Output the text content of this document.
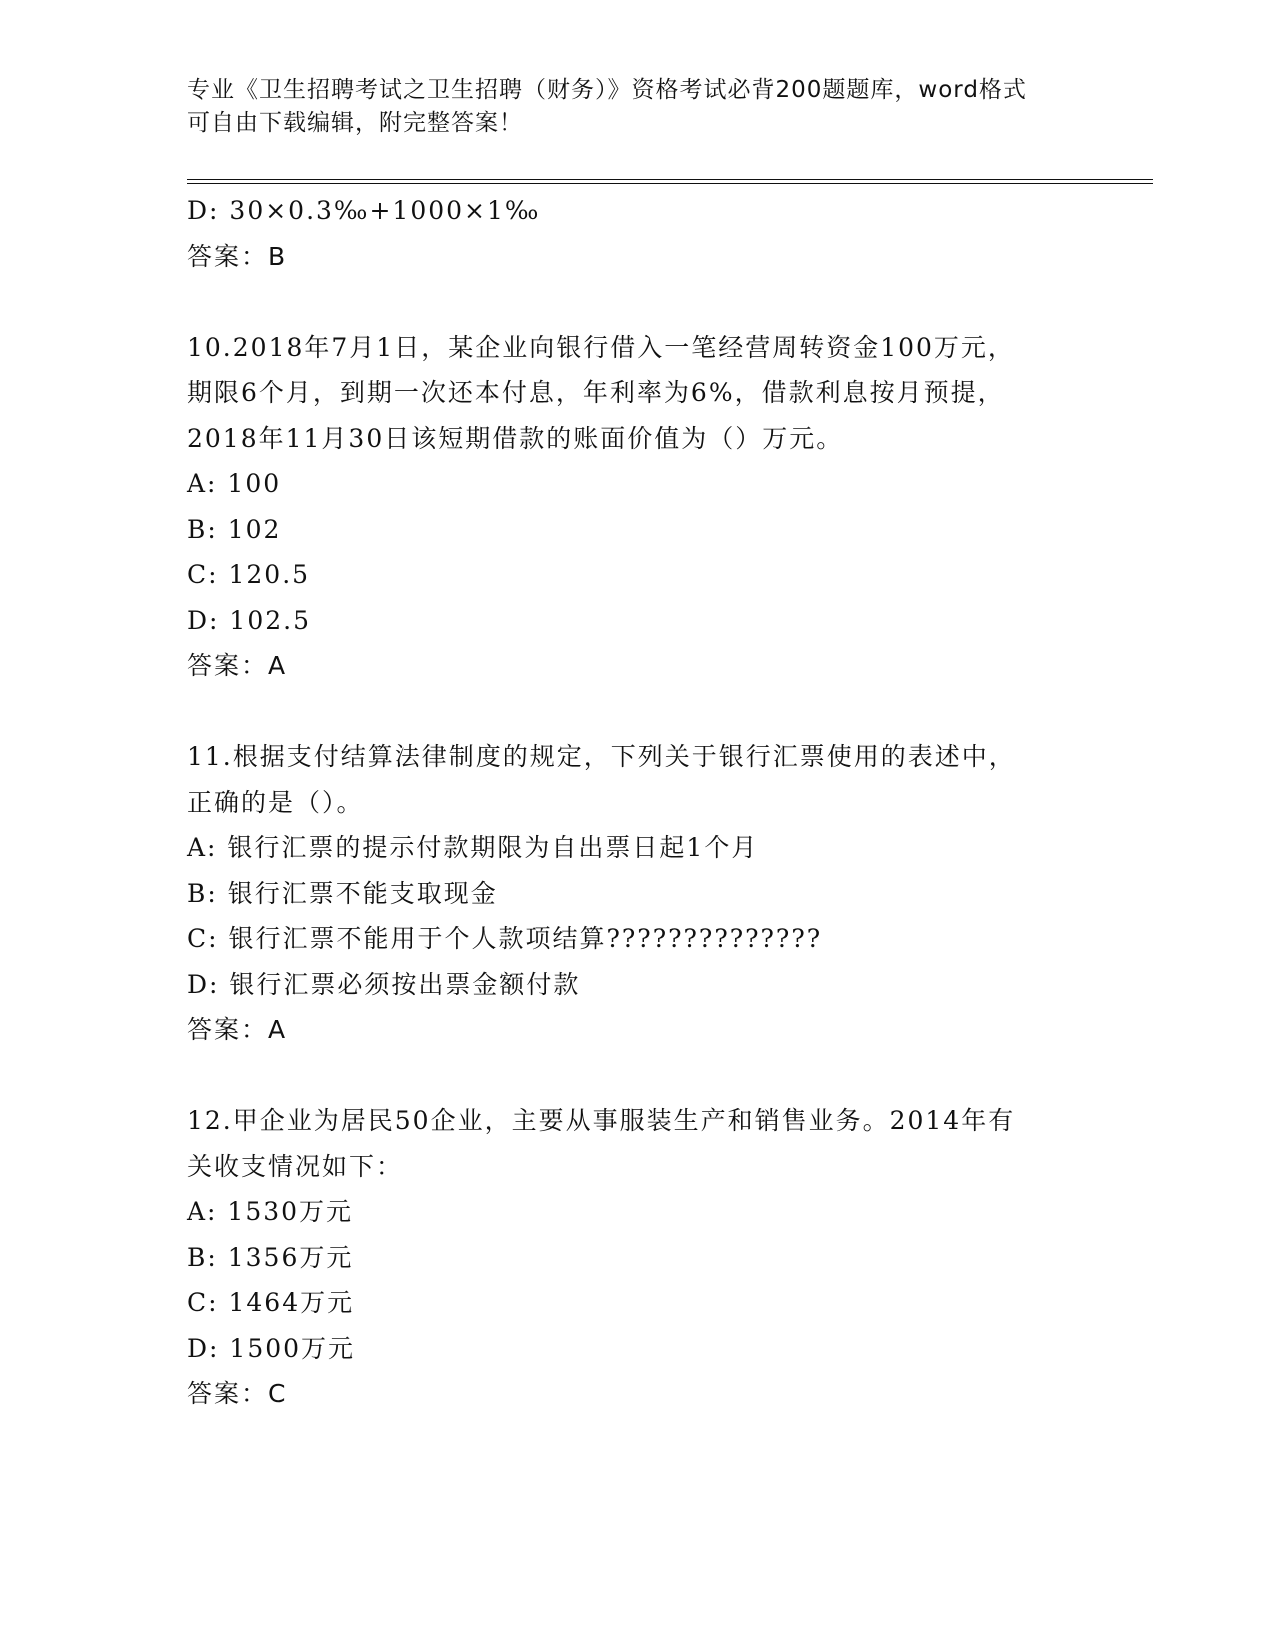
专业《卫生招聘考试之卫生招聘（财务）》资格考试必背200题题库，word格式
可自由下载编辑，附完整答案！
D: 30×0.3‰+1000×1‰
答案：B
10.2018年7月1日，某企业向银行借入一笔经营周转资金100万元，
期限6个月，到期一次还本付息，年利率为6%，借款利息按月预提，
2018年11月30日该短期借款的账面价值为（）万元。
A: 100
B: 102
C: 120.5
D: 102.5
答案：A
11.根据支付结算法律制度的规定，下列关于银行汇票使用的表述中，
正确的是（）。
A: 银行汇票的提示付款期限为自出票日起1个月
B: 银行汇票不能支取现金
C: 银行汇票不能用于个人款项结算??????????????
D: 银行汇票必须按出票金额付款
答案：A
12.甲企业为居民50企业，主要从事服装生产和销售业务。2014年有
关收支情况如下：
A: 1530万元
B: 1356万元
C: 1464万元
D: 1500万元
答案：C
